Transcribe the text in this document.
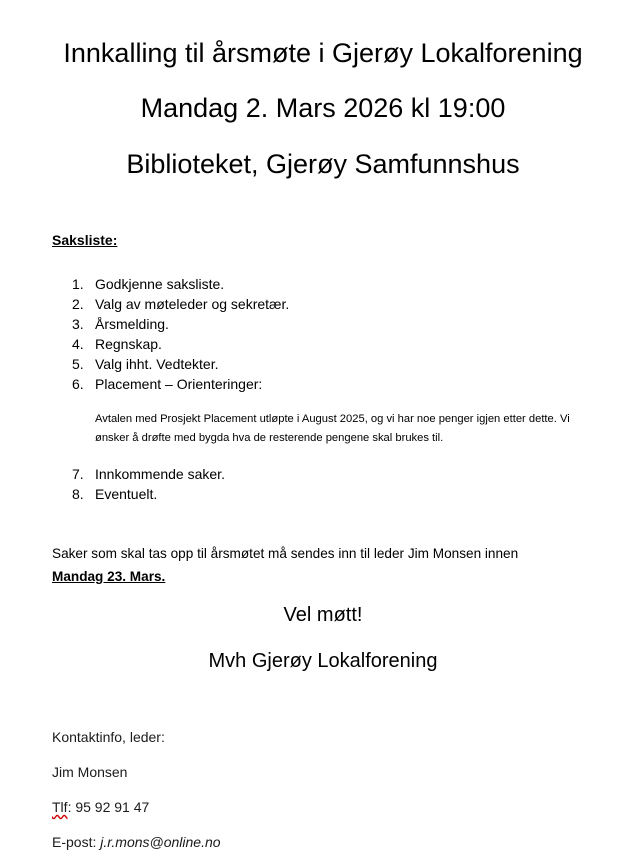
Innkalling til årsmøte i Gjerøy Lokalforening
Mandag 2. Mars 2026 kl 19:00
Biblioteket, Gjerøy Samfunnshus
Saksliste:
1. Godkjenne saksliste.
2. Valg av møteleder og sekretær.
3. Årsmelding.
4. Regnskap.
5. Valg ihht. Vedtekter.
6. Placement – Orienteringer:
Avtalen med Prosjekt Placement utløpte i August 2025, og vi har noe penger igjen etter dette. Vi ønsker å drøfte med bygda hva de resterende pengene skal brukes til.
7. Innkommende saker.
8. Eventuelt.
Saker som skal tas opp til årsmøtet må sendes inn til leder Jim Monsen innen
Mandag 23. Mars.
Vel møtt!
Mvh Gjerøy Lokalforening
Kontaktinfo, leder:
Jim Monsen
Tlf: 95 92 91 47
E-post: j.r.mons@online.no
